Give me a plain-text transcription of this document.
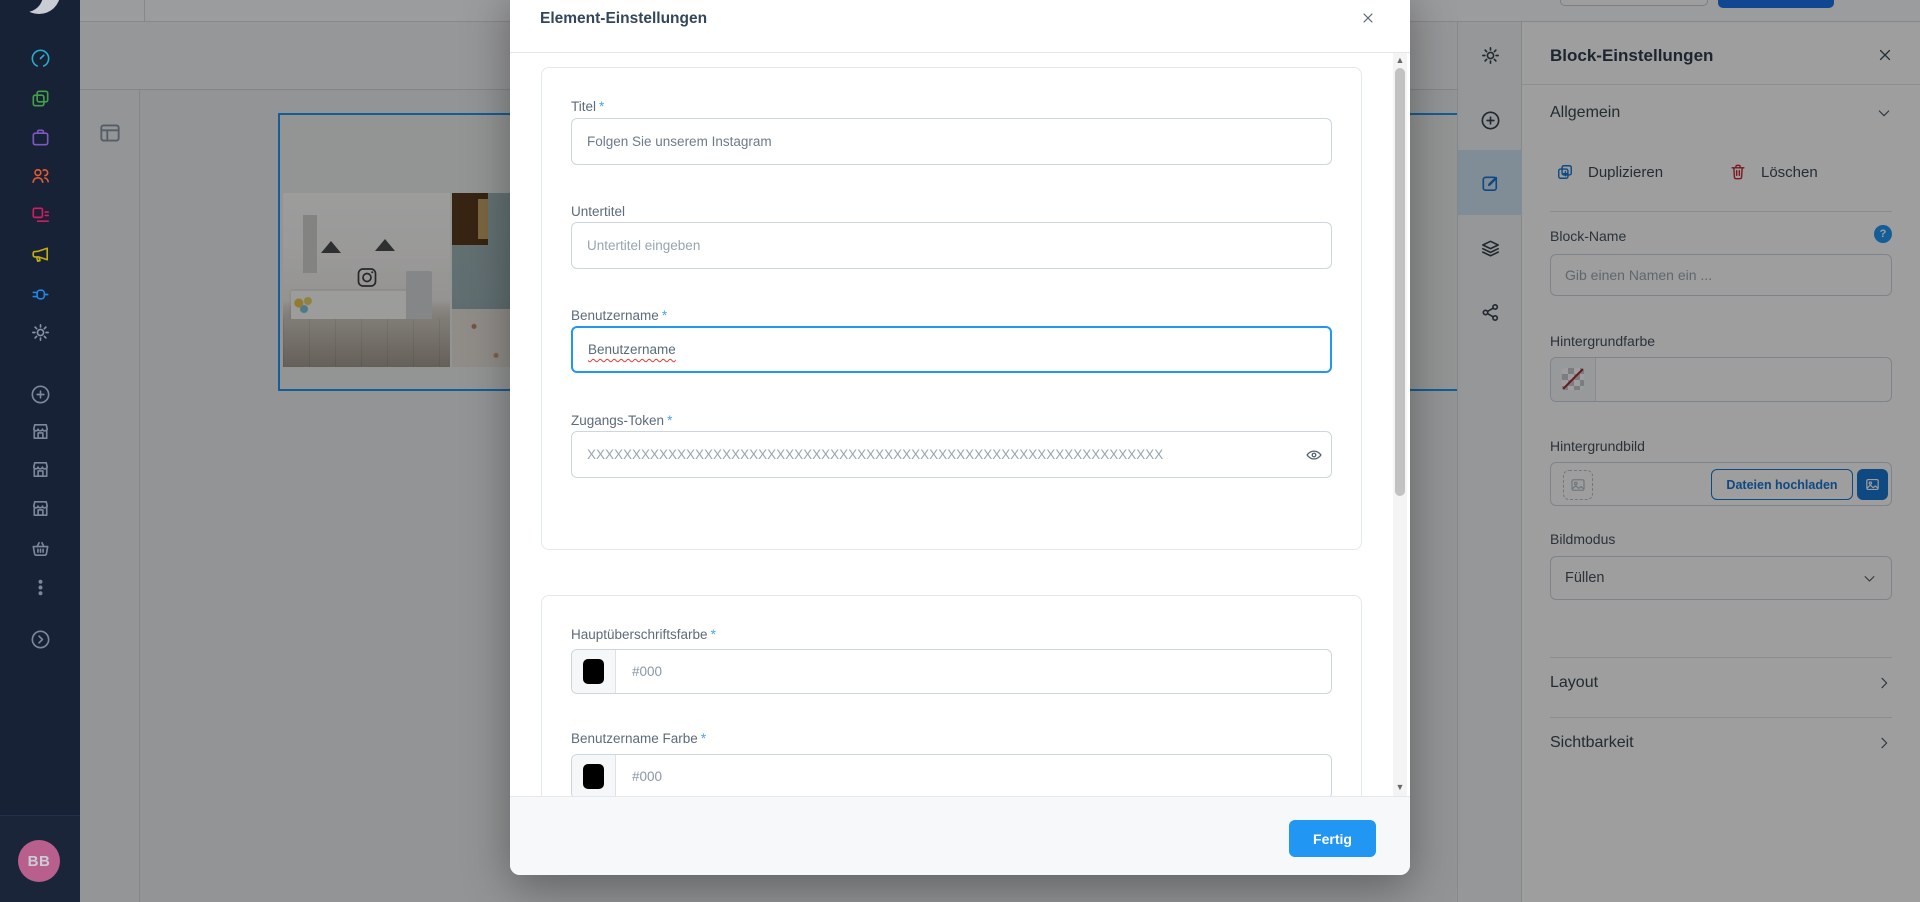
Block-Einstellungen
Allgemein
Duplizieren	Löschen
Block-Name	?
Gib einen Namen ein ...
Hintergrundfarbe
Hintergrundbild
Dateien hochladen
Bildmodus
Füllen
Layout
Sichtbarkeit
Activate Windows
Go to Settings to activate Windows
BB
Element-Einstellungen
Titel *
Folgen Sie unserem Instagram
Untertitel
Untertitel eingeben
Benutzername *
Benutzername
Zugangs-Token *
XXXXXXXXXXXXXXXXXXXXXXXXXXXXXXXXXXXXXXXXXXXXXXXXXXXXXXXXXXXXXXXX
Hauptüberschriftsfarbe *
#000
Benutzername Farbe *
#000
▲
▼
Fertig
